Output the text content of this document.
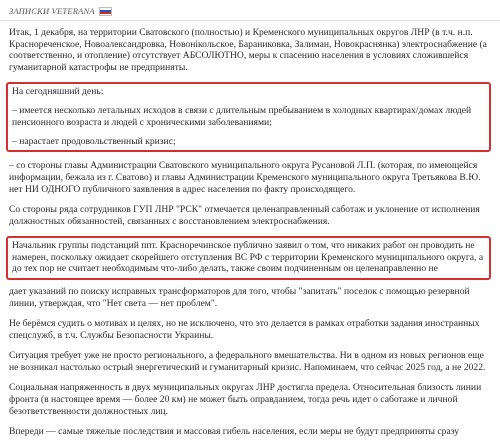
ЗАПИСКИ VETERANA

Итак, 1 декабря, на территории Сватовского (полностью) и Кременского муниципальных округов ЛНР (в т.ч. н.п. Краснореченское, Новоалександровка, Новонікольское, Бараниковка, Залиман, Новокраснянка) электроснабжение (а соответственно, и отопление) отсутствует АБСОЛЮТНО, меры к спасению населения в условиях сложившейся гуманитарной катастрофы не предприняты.

На сегодняшний день:

– имеется несколько летальных исходов в связи с длительным пребыванием в холодных квартирах/домах людей пенсионного возраста и людей с хроническими заболеваниями;

– нарастает продовольственный кризис;

– со стороны главы Администрации Сватовского муниципального округа Русановой Л.П. (которая, по имеющейся информации, бежала из г. Сватово) и главы Администрации Кременского муниципального округа Третьякова В.Ю. нет НИ ОДНОГО публичного заявления в адрес населения по факту происходящего.

Со стороны ряда сотрудников ГУП ЛНР "РСК" отмечается целенаправленный саботаж и уклонение от исполнения должностных обязанностей, связанных с восстановлением электроснабжения.

Начальник группы подстанций ппт. Красноречинское публично заявил о том, что никаких работ он проводить не намерен, поскольку ожидает скорейшего отступления ВС РФ с территории Кременского муниципального округа, а до тех пор не считает необходимым что-либо делать, также своим подчиненным он целенаправленно не

дает указаний по поиску исправных трансформаторов для того, чтобы "запитать" поселок с помощью резервной линии, утверждая, что "Нет света — нет проблем".

Не берёмся судить о мотивах и целях, но не исключено, что это делается в рамках отработки задания иностранных спецслужб, в т.ч. Службы Безопасности Украины.

Ситуация требует уже не просто регионального, а федерального вмешательства. Ни в одном из новых регионов еще не возникал настолько острый энергетический и гуманитарный кризис. Напоминаем, что сейчас 2025 год, а не 2022.

Социальная напряженность в двух муниципальных округах ЛНР достигла предела. Относительная близость линии фронта (в настоящее время — более 20 км) не может быть оправданием, тогда речь идет о саботаже и личной безответственности должностных лиц.

Впереди — самые тяжелые последствия и массовая гибель населения, если меры не будут предприняты сразу
